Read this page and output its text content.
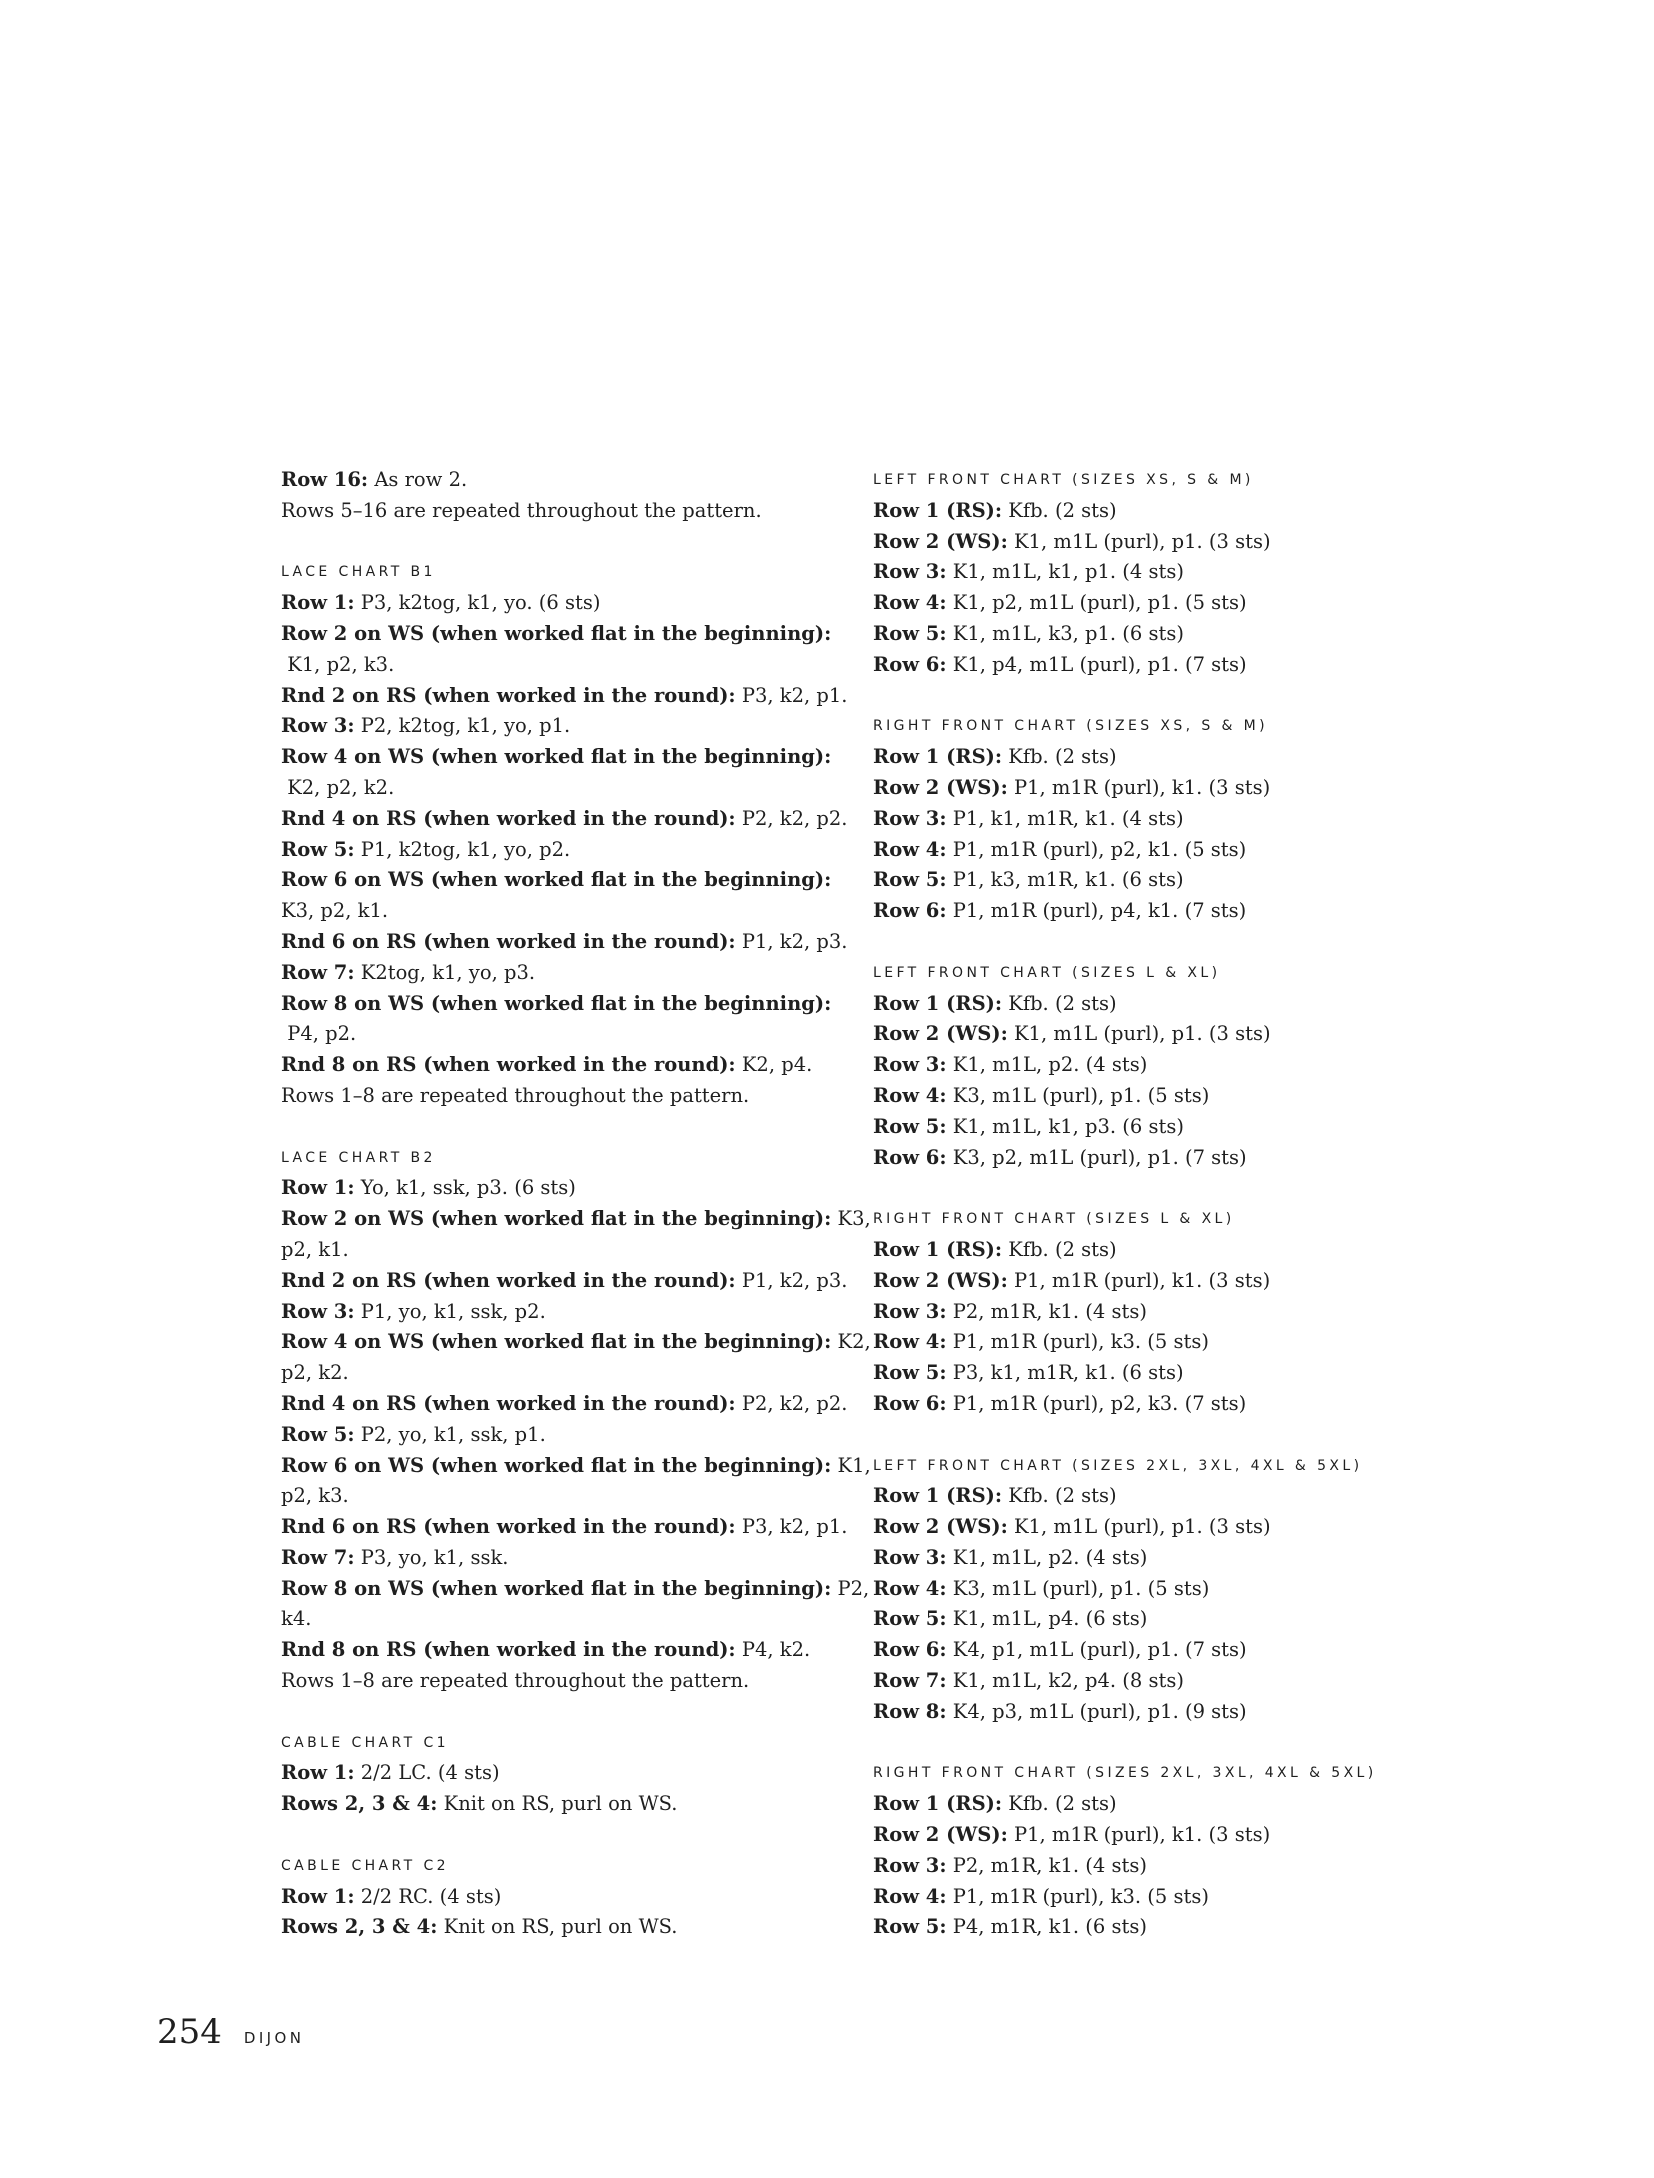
Row 16: As row 2.
Rows 5–16 are repeated throughout the pattern.
LACE CHART B1
Row 1: P3, k2tog, k1, yo. (6 sts)
Row 2 on WS (when worked flat in the beginning):
K1, p2, k3.
Rnd 2 on RS (when worked in the round): P3, k2, p1.
Row 3: P2, k2tog, k1, yo, p1.
Row 4 on WS (when worked flat in the beginning):
K2, p2, k2.
Rnd 4 on RS (when worked in the round): P2, k2, p2.
Row 5: P1, k2tog, k1, yo, p2.
Row 6 on WS (when worked flat in the beginning):
K3, p2, k1.
Rnd 6 on RS (when worked in the round): P1, k2, p3.
Row 7: K2tog, k1, yo, p3.
Row 8 on WS (when worked flat in the beginning):
P4, p2.
Rnd 8 on RS (when worked in the round): K2, p4.
Rows 1–8 are repeated throughout the pattern.
LACE CHART B2
Row 1: Yo, k1, ssk, p3. (6 sts)
Row 2 on WS (when worked flat in the beginning): K3,
p2, k1.
Rnd 2 on RS (when worked in the round): P1, k2, p3.
Row 3: P1, yo, k1, ssk, p2.
Row 4 on WS (when worked flat in the beginning): K2,
p2, k2.
Rnd 4 on RS (when worked in the round): P2, k2, p2.
Row 5: P2, yo, k1, ssk, p1.
Row 6 on WS (when worked flat in the beginning): K1,
p2, k3.
Rnd 6 on RS (when worked in the round): P3, k2, p1.
Row 7: P3, yo, k1, ssk.
Row 8 on WS (when worked flat in the beginning): P2,
k4.
Rnd 8 on RS (when worked in the round): P4, k2.
Rows 1–8 are repeated throughout the pattern.
CABLE CHART C1
Row 1: 2/2 LC. (4 sts)
Rows 2, 3 & 4: Knit on RS, purl on WS.
CABLE CHART C2
Row 1: 2/2 RC. (4 sts)
Rows 2, 3 & 4: Knit on RS, purl on WS.
LEFT FRONT CHART (SIZES XS, S & M)
Row 1 (RS): Kfb. (2 sts)
Row 2 (WS): K1, m1L (purl), p1. (3 sts)
Row 3: K1, m1L, k1, p1. (4 sts)
Row 4: K1, p2, m1L (purl), p1. (5 sts)
Row 5: K1, m1L, k3, p1. (6 sts)
Row 6: K1, p4, m1L (purl), p1. (7 sts)
RIGHT FRONT CHART (SIZES XS, S & M)
Row 1 (RS): Kfb. (2 sts)
Row 2 (WS): P1, m1R (purl), k1. (3 sts)
Row 3: P1, k1, m1R, k1. (4 sts)
Row 4: P1, m1R (purl), p2, k1. (5 sts)
Row 5: P1, k3, m1R, k1. (6 sts)
Row 6: P1, m1R (purl), p4, k1. (7 sts)
LEFT FRONT CHART (SIZES L & XL)
Row 1 (RS): Kfb. (2 sts)
Row 2 (WS): K1, m1L (purl), p1. (3 sts)
Row 3: K1, m1L, p2. (4 sts)
Row 4: K3, m1L (purl), p1. (5 sts)
Row 5: K1, m1L, k1, p3. (6 sts)
Row 6: K3, p2, m1L (purl), p1. (7 sts)
RIGHT FRONT CHART (SIZES L & XL)
Row 1 (RS): Kfb. (2 sts)
Row 2 (WS): P1, m1R (purl), k1. (3 sts)
Row 3: P2, m1R, k1. (4 sts)
Row 4: P1, m1R (purl), k3. (5 sts)
Row 5: P3, k1, m1R, k1. (6 sts)
Row 6: P1, m1R (purl), p2, k3. (7 sts)
LEFT FRONT CHART (SIZES 2XL, 3XL, 4XL & 5XL)
Row 1 (RS): Kfb. (2 sts)
Row 2 (WS): K1, m1L (purl), p1. (3 sts)
Row 3: K1, m1L, p2. (4 sts)
Row 4: K3, m1L (purl), p1. (5 sts)
Row 5: K1, m1L, p4. (6 sts)
Row 6: K4, p1, m1L (purl), p1. (7 sts)
Row 7: K1, m1L, k2, p4. (8 sts)
Row 8: K4, p3, m1L (purl), p1. (9 sts)
RIGHT FRONT CHART (SIZES 2XL, 3XL, 4XL & 5XL)
Row 1 (RS): Kfb. (2 sts)
Row 2 (WS): P1, m1R (purl), k1. (3 sts)
Row 3: P2, m1R, k1. (4 sts)
Row 4: P1, m1R (purl), k3. (5 sts)
Row 5: P4, m1R, k1. (6 sts)
254 DIJON
